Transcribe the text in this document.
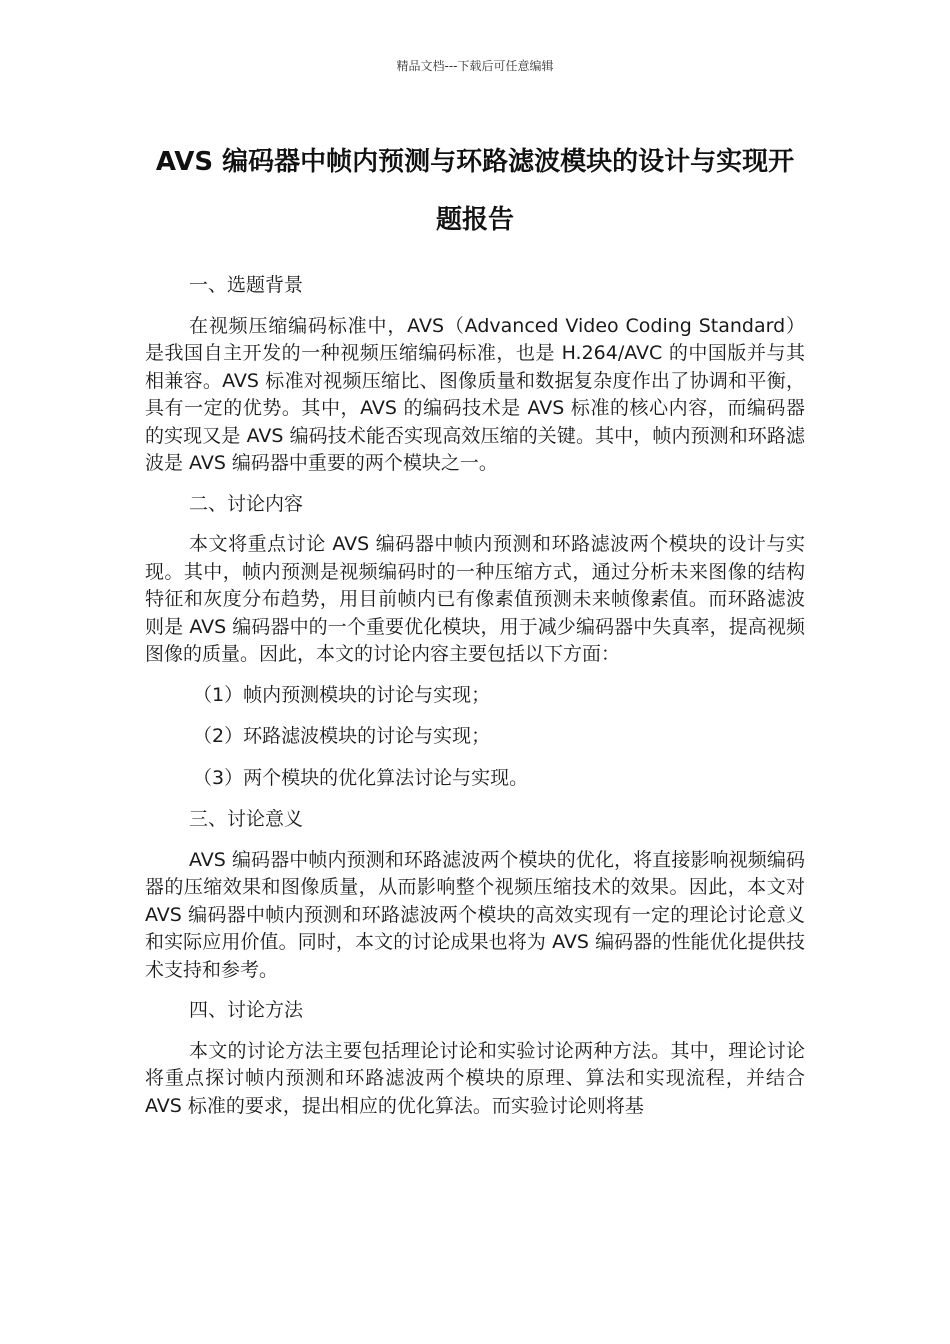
精品文档---下载后可任意编辑
AVS 编码器中帧内预测与环路滤波模块的设计与实现开题报告

一、选题背景

在视频压缩编码标准中，AVS（Advanced Video Coding Standard）是我国自主开发的一种视频压缩编码标准，也是 H.264/AVC 的中国版并与其相兼容。AVS 标准对视频压缩比、图像质量和数据复杂度作出了协调和平衡，具有一定的优势。其中，AVS 的编码技术是 AVS 标准的核心内容，而编码器的实现又是 AVS 编码技术能否实现高效压缩的关键。其中，帧内预测和环路滤波是 AVS 编码器中重要的两个模块之一。

二、讨论内容

本文将重点讨论 AVS 编码器中帧内预测和环路滤波两个模块的设计与实现。其中，帧内预测是视频编码时的一种压缩方式，通过分析未来图像的结构特征和灰度分布趋势，用目前帧内已有像素值预测未来帧像素值。而环路滤波则是 AVS 编码器中的一个重要优化模块，用于减少编码器中失真率，提高视频图像的质量。因此，本文的讨论内容主要包括以下方面：

（1）帧内预测模块的讨论与实现；

（2）环路滤波模块的讨论与实现；

（3）两个模块的优化算法讨论与实现。

三、讨论意义

AVS 编码器中帧内预测和环路滤波两个模块的优化，将直接影响视频编码器的压缩效果和图像质量，从而影响整个视频压缩技术的效果。因此，本文对 AVS 编码器中帧内预测和环路滤波两个模块的高效实现有一定的理论讨论意义和实际应用价值。同时，本文的讨论成果也将为 AVS 编码器的性能优化提供技术支持和参考。

四、讨论方法

本文的讨论方法主要包括理论讨论和实验讨论两种方法。其中，理论讨论将重点探讨帧内预测和环路滤波两个模块的原理、算法和实现流程，并结合 AVS 标准的要求，提出相应的优化算法。而实验讨论则将基
